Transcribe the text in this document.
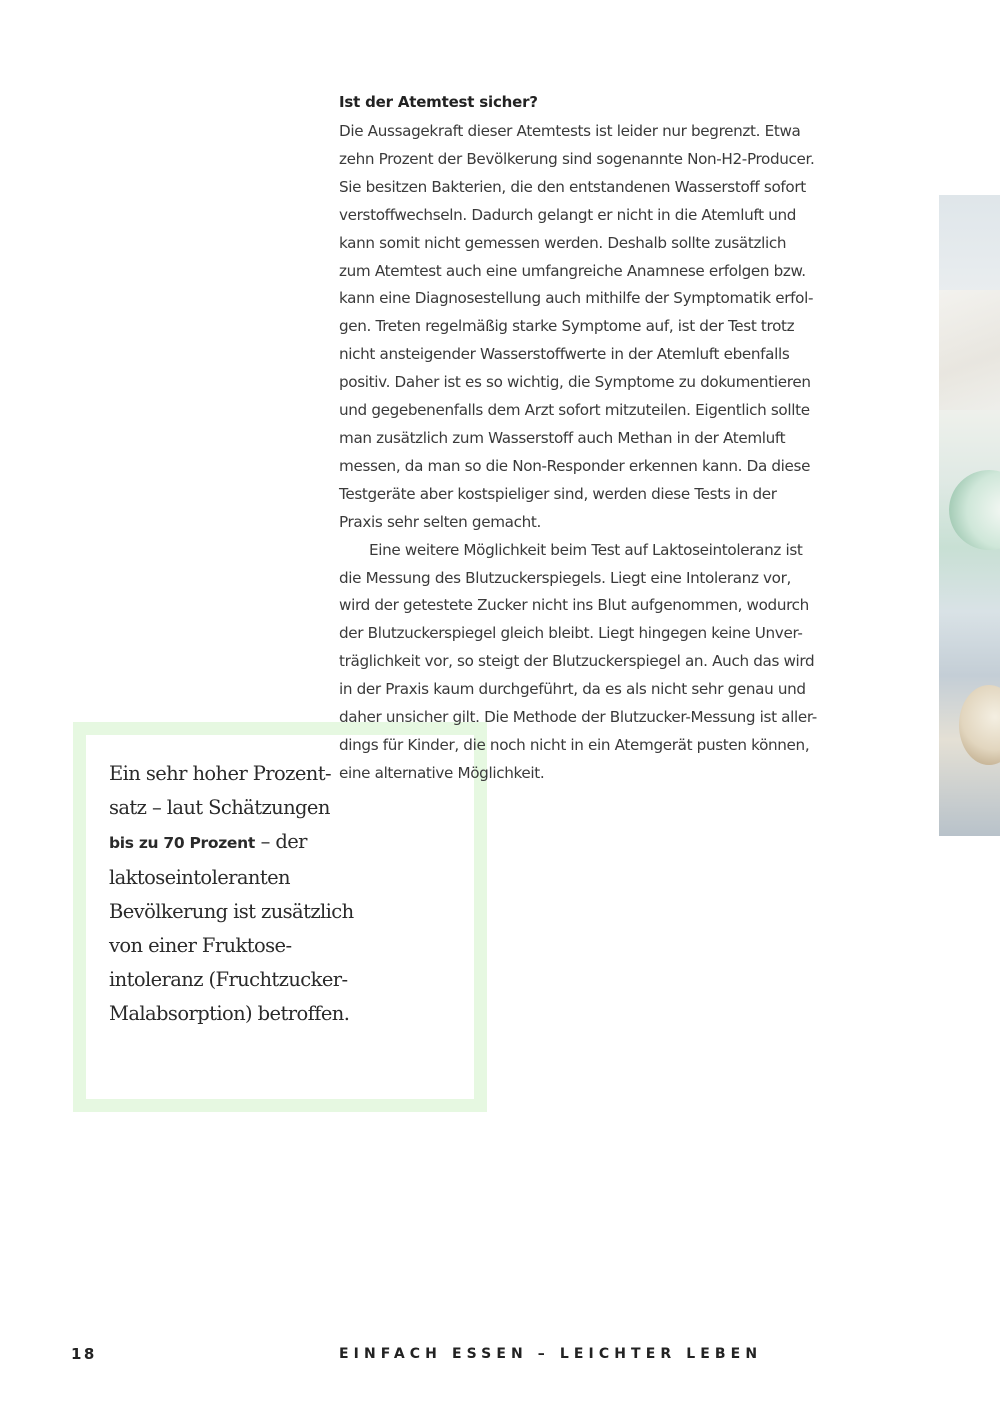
Ist der Atemtest sicher?
Die Aussagekraft dieser Atemtests ist leider nur begrenzt. Etwa
zehn Prozent der Bevölkerung sind sogenannte Non-H2-Producer.
Sie besitzen Bakterien, die den entstandenen Wasserstoff sofort
verstoffwechseln. Dadurch gelangt er nicht in die Atemluft und
kann somit nicht gemessen werden. Deshalb sollte zusätzlich
zum Atemtest auch eine umfangreiche Anamnese erfolgen bzw.
kann eine Diagnosestellung auch mithilfe der Symptomatik erfol-
gen. Treten regelmäßig starke Symptome auf, ist der Test trotz
nicht ansteigender Wasserstoffwerte in der Atemluft ebenfalls
positiv. Daher ist es so wichtig, die Symptome zu dokumentieren
und gegebenenfalls dem Arzt sofort mitzuteilen. Eigentlich sollte
man zusätzlich zum Wasserstoff auch Methan in der Atemluft
messen, da man so die Non-Responder erkennen kann. Da diese
Testgeräte aber kostspieliger sind, werden diese Tests in der
Praxis sehr selten gemacht.
Eine weitere Möglichkeit beim Test auf Laktoseintoleranz ist
die Messung des Blutzuckerspiegels. Liegt eine Intoleranz vor,
wird der getestete Zucker nicht ins Blut aufgenommen, wodurch
der Blutzuckerspiegel gleich bleibt. Liegt hingegen keine Unver-
träglichkeit vor, so steigt der Blutzuckerspiegel an. Auch das wird
in der Praxis kaum durchgeführt, da es als nicht sehr genau und
daher unsicher gilt. Die Methode der Blutzucker-Messung ist aller-
dings für Kinder, die noch nicht in ein Atemgerät pusten können,
eine alternative Möglichkeit.
Ein sehr hoher Prozent-
satz – laut Schätzungen
bis zu 70 Prozent – der
laktoseintoleranten
Bevölkerung ist zusätzlich
von einer Fruktose-
intoleranz (Fruchtzucker-
Malabsorption) betroffen.
18	EINFACH ESSEN – LEICHTER LEBEN
